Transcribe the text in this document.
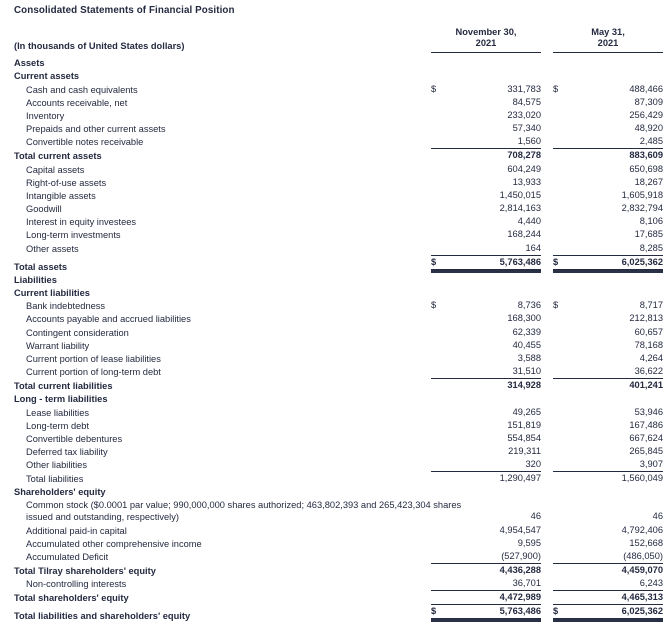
Consolidated Statements of Financial Position
(In thousands of United States dollars)
November 30,
2021
May 31,
2021
Assets
Current assets
Cash and cash equivalents	$	331,783 $	488,466
Accounts receivable, net	84,575	87,309
Inventory	233,020	256,429
Prepaids and other current assets	57,340	48,920
Convertible notes receivable	1,560	2,485
Total current assets	708,278	883,609
Capital assets	604,249	650,698
Right-of-use assets	13,933	18,267
Intangible assets	1,450,015	1,605,918
Goodwill	2,814,163	2,832,794
Interest in equity investees	4,440	8,106
Long-term investments	168,244	17,685
Other assets	164	8,285
Total assets	$	5,763,486 $	6,025,362
Liabilities
Current liabilities
Bank indebtedness	$	8,736 $	8,717
Accounts payable and accrued liabilities	168,300	212,813
Contingent consideration	62,339	60,657
Warrant liability	40,455	78,168
Current portion of lease liabilities	3,588	4,264
Current portion of long-term debt	31,510	36,622
Total current liabilities	314,928	401,241
Long - term liabilities
Lease liabilities	49,265	53,946
Long-term debt	151,819	167,486
Convertible debentures	554,854	667,624
Deferred tax liability	219,311	265,845
Other liabilities	320	3,907
Total liabilities	1,290,497	1,560,049
Shareholders' equity
Common stock ($0.0001 par value; 990,000,000 shares authorized; 463,802,393 and 265,423,304 shares issued and outstanding, respectively)	46	46
Additional paid-in capital	4,954,547	4,792,406
Accumulated other comprehensive income	9,595	152,668
Accumulated Deficit	(527,900)	(486,050)
Total Tilray shareholders' equity	4,436,288	4,459,070
Non-controlling interests	36,701	6,243
Total shareholders' equity	4,472,989	4,465,313
Total liabilities and shareholders' equity	$	5,763,486 $	6,025,362
